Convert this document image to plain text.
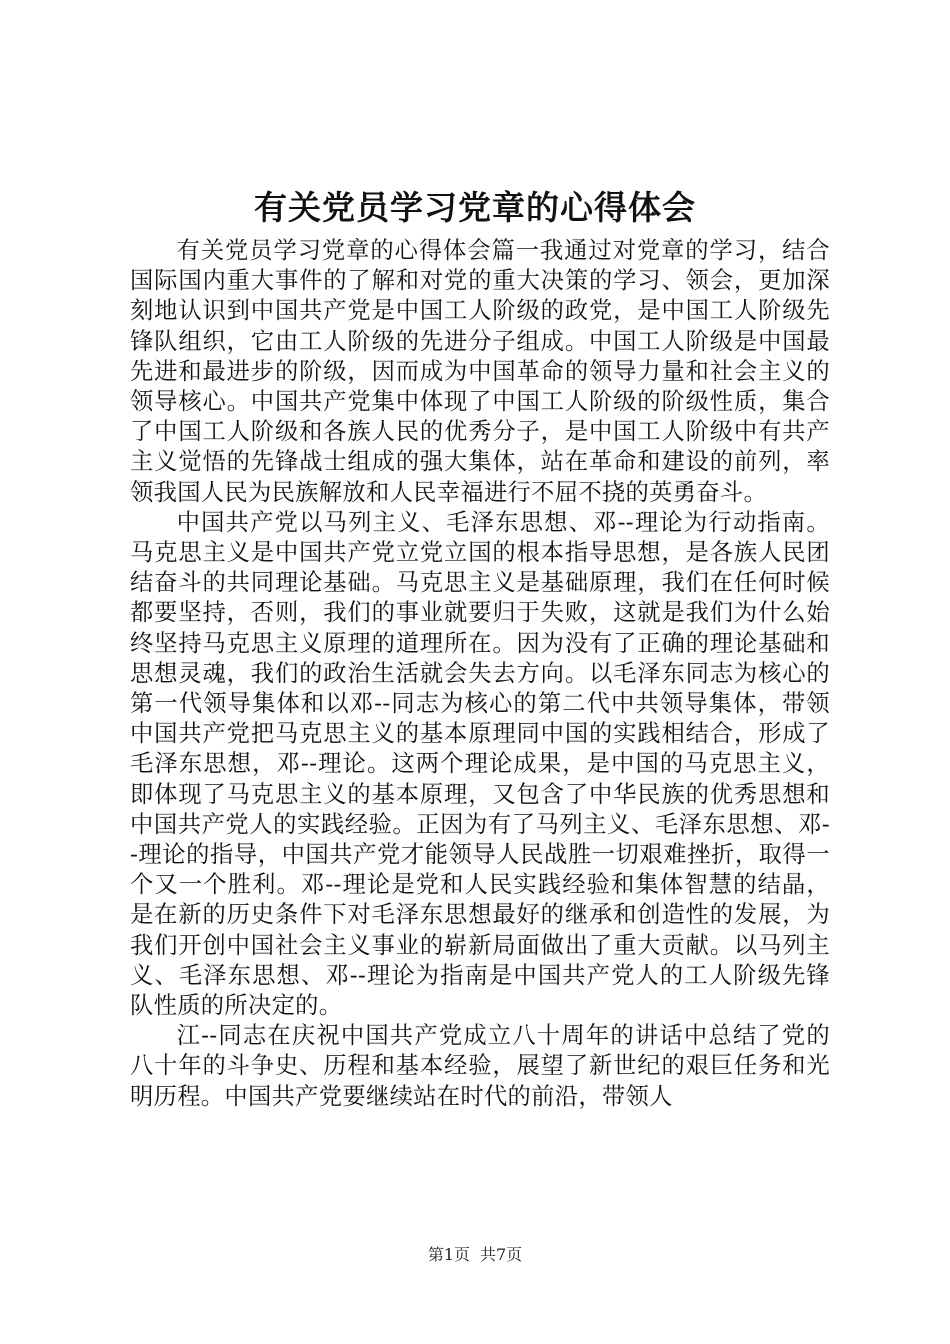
有关党员学习党章的心得体会

有关党员学习党章的心得体会篇一我通过对党章的学习，结合国际国内重大事件的了解和对党的重大决策的学习、领会，更加深刻地认识到中国共产党是中国工人阶级的政党，是中国工人阶级先锋队组织，它由工人阶级的先进分子组成。中国工人阶级是中国最先进和最进步的阶级，因而成为中国革命的领导力量和社会主义的领导核心。中国共产党集中体现了中国工人阶级的阶级性质，集合了中国工人阶级和各族人民的优秀分子，是中国工人阶级中有共产主义觉悟的先锋战士组成的强大集体，站在革命和建设的前列，率领我国人民为民族解放和人民幸福进行不屈不挠的英勇奋斗。

中国共产党以马列主义、毛泽东思想、邓--理论为行动指南。马克思主义是中国共产党立党立国的根本指导思想，是各族人民团结奋斗的共同理论基础。马克思主义是基础原理，我们在任何时候都要坚持，否则，我们的事业就要归于失败，这就是我们为什么始终坚持马克思主义原理的道理所在。因为没有了正确的理论基础和思想灵魂，我们的政治生活就会失去方向。以毛泽东同志为核心的第一代领导集体和以邓--同志为核心的第二代中共领导集体，带领中国共产党把马克思主义的基本原理同中国的实践相结合，形成了毛泽东思想，邓--理论。这两个理论成果，是中国的马克思主义，即体现了马克思主义的基本原理，又包含了中华民族的优秀思想和中国共产党人的实践经验。正因为有了马列主义、毛泽东思想、邓--理论的指导，中国共产党才能领导人民战胜一切艰难挫折，取得一个又一个胜利。邓--理论是党和人民实践经验和集体智慧的结晶，是在新的历史条件下对毛泽东思想最好的继承和创造性的发展，为我们开创中国社会主义事业的崭新局面做出了重大贡献。以马列主义、毛泽东思想、邓--理论为指南是中国共产党人的工人阶级先锋队性质的所决定的。

江--同志在庆祝中国共产党成立八十周年的讲话中总结了党的八十年的斗争史、历程和基本经验，展望了新世纪的艰巨任务和光明历程。中国共产党要继续站在时代的前沿，带领人

第1页 共7页
